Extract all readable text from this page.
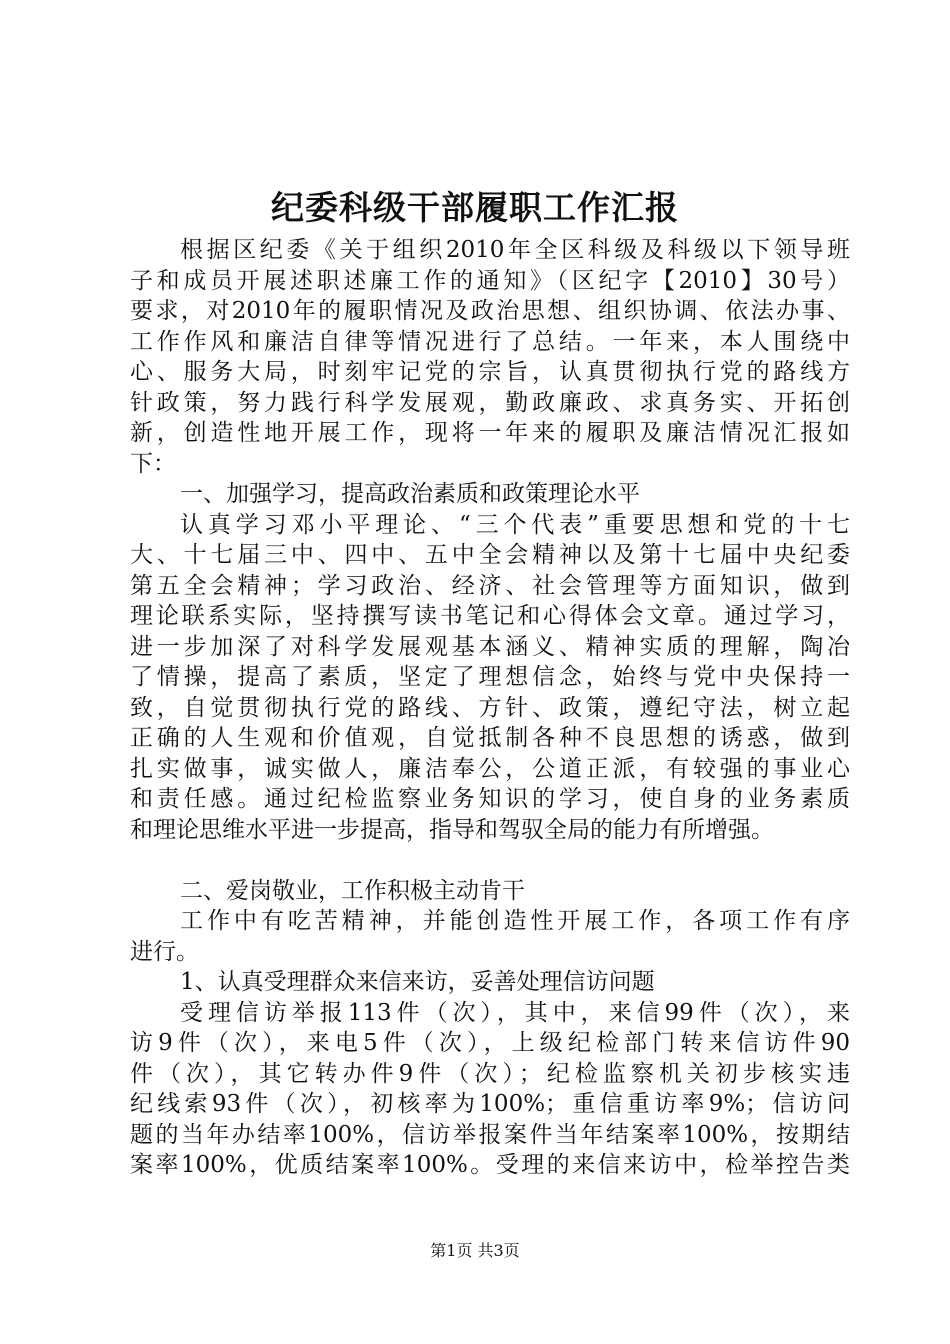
纪委科级干部履职工作汇报
根据区纪委《关于组织2010年全区科级及科级以下领导班
子和成员开展述职述廉工作的通知》（区纪字【2010】30号）
要求，对2010年的履职情况及政治思想、组织协调、依法办事、
工作作风和廉洁自律等情况进行了总结。一年来，本人围绕中
心、服务大局，时刻牢记党的宗旨，认真贯彻执行党的路线方
针政策，努力践行科学发展观，勤政廉政、求真务实、开拓创
新，创造性地开展工作，现将一年来的履职及廉洁情况汇报如
下：
一、加强学习，提高政治素质和政策理论水平
认真学习邓小平理论、“三个代表”重要思想和党的十七
大、十七届三中、四中、五中全会精神以及第十七届中央纪委
第五全会精神；学习政治、经济、社会管理等方面知识，做到
理论联系实际，坚持撰写读书笔记和心得体会文章。通过学习，
进一步加深了对科学发展观基本涵义、精神实质的理解，陶冶
了情操，提高了素质，坚定了理想信念，始终与党中央保持一
致，自觉贯彻执行党的路线、方针、政策，遵纪守法，树立起
正确的人生观和价值观，自觉抵制各种不良思想的诱惑，做到
扎实做事，诚实做人，廉洁奉公，公道正派，有较强的事业心
和责任感。通过纪检监察业务知识的学习，使自身的业务素质
和理论思维水平进一步提高，指导和驾驭全局的能力有所增强。
二、爱岗敬业，工作积极主动肯干
工作中有吃苦精神，并能创造性开展工作，各项工作有序
进行。
1、认真受理群众来信来访，妥善处理信访问题
受理信访举报113件（次），其中，来信99件（次），来
访9件（次），来电5件（次），上级纪检部门转来信访件90
件（次），其它转办件9件（次）；纪检监察机关初步核实违
纪线索93件（次），初核率为100%；重信重访率9%；信访问
题的当年办结率100%，信访举报案件当年结案率100%，按期结
案率100%，优质结案率100%。受理的来信来访中，检举控告类
第1页 共3页
